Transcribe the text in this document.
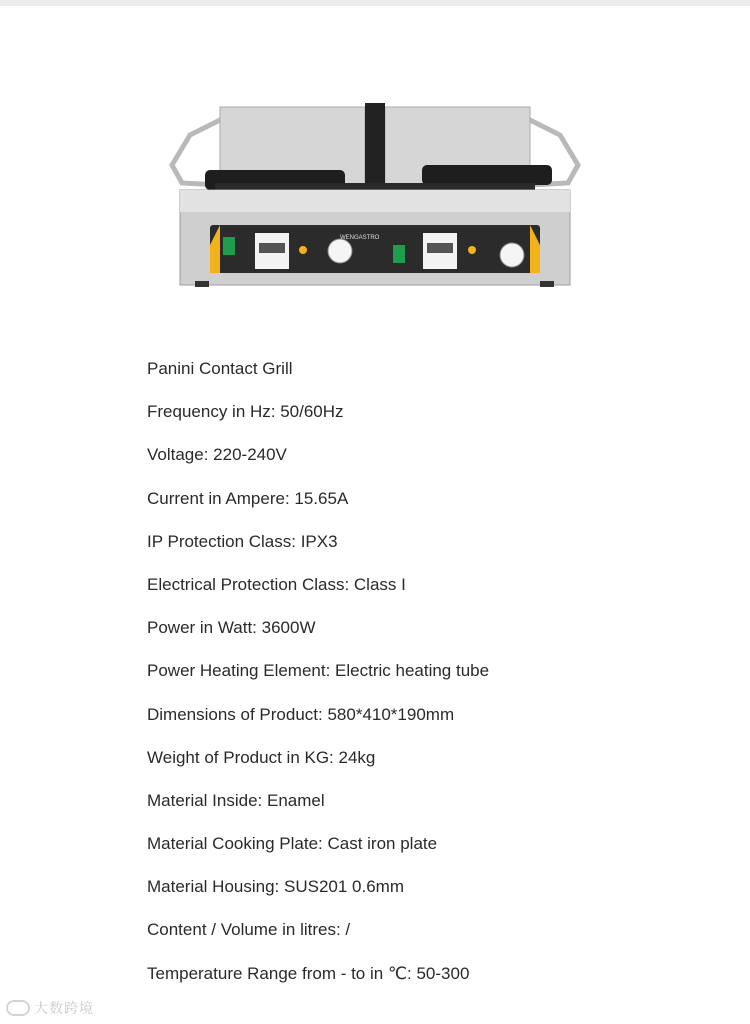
WENGASTRO
Panini Contact Grill
Frequency in Hz: 50/60Hz
Voltage: 220-240V
Current in Ampere: 15.65A
IP Protection Class: IPX3
Electrical Protection Class: Class I
Power in Watt: 3600W
Power Heating Element: Electric heating tube
Dimensions of Product: 580*410*190mm
Weight of Product in KG: 24kg
Material Inside: Enamel
Material Cooking Plate: Cast iron plate
Material Housing: SUS201 0.6mm
Content / Volume in litres: /
Temperature Range from - to in ℃: 50-300
大数跨境
